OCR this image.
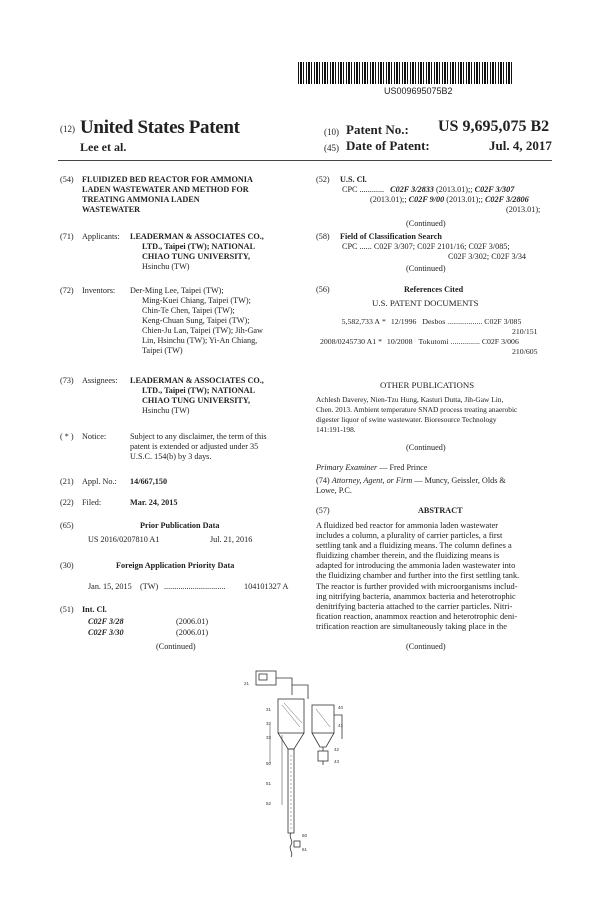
US009695075B2
(12) United States Patent
Lee et al.
(10) Patent No.: US 9,695,075 B2
(45) Date of Patent:	Jul. 4, 2017
(54) FLUIDIZED BED REACTOR FOR AMMONIA
LADEN WASTEWATER AND METHOD FOR
TREATING AMMONIA LADEN
WASTEWATER
(71) Applicants: LEADERMAN & ASSOCIATES CO.,
LTD., Taipei (TW); NATIONAL
CHIAO TUNG UNIVERSITY,
Hsinchu (TW)
(72) Inventors: Der-Ming Lee, Taipei (TW);
Ming-Kuei Chiang, Taipei (TW);
Chin-Te Chen, Taipei (TW);
Keng-Chuan Sung, Taipei (TW);
Chien-Ju Lan, Taipei (TW); Jih-Gaw
Lin, Hsinchu (TW); Yi-An Chiang,
Taipei (TW)
(73) Assignees: LEADERMAN & ASSOCIATES CO.,
LTD., Taipei (TW); NATIONAL
CHIAO TUNG UNIVERSITY,
Hsinchu (TW)
( * ) Notice:	Subject to any disclaimer, the term of this
patent is extended or adjusted under 35
U.S.C. 154(b) by 3 days.
(21) Appl. No.: 14/667,150
(22) Filed:	Mar. 24, 2015
(65)	Prior Publication Data
US 2016/0207810 A1	Jul. 21, 2016
(30)	Foreign Application Priority Data
Jan. 15, 2015 (TW) .............................. 104101327 A
(51) Int. Cl.
C02F 3/28	(2006.01)
C02F 3/30	(2006.01)
(Continued)
(52) U.S. Cl.
CPC ............ C02F 3/2833 (2013.01);; C02F 3/307
(2013.01);; C02F 9/00 (2013.01);; C02F 3/2806
(2013.01);
(Continued)
(58) Field of Classification Search
CPC ...... C02F 3/307; C02F 2101/16; C02F 3/085;
C02F 3/302; C02F 3/34
(Continued)
(56)	References Cited
U.S. PATENT DOCUMENTS
5,582,733 A * 12/1996 Desbos .................. C02F 3/085
210/151
2008/0245730 A1 * 10/2008 Tokutomi ............... C02F 3/006
210/605
OTHER PUBLICATIONS
Achlesh Daverey, Nien-Tzu Hung, Kasturi Dutta, Jih-Gaw Lin,
Chen. 2013. Ambient temperature SNAD process treating anaerobic
digester liquor of swine wastewater. Bioresource Technology
141:191-198.
(Continued)
Primary Examiner — Fred Prince
(74) Attorney, Agent, or Firm — Muncy, Geissler, Olds &
Lowe, P.C.
(57)	ABSTRACT
A fluidized bed reactor for ammonia laden wastewater
includes a column, a plurality of carrier particles, a first
settling tank and a fluidizing means. The column defines a
fluidizing chamber therein, and the fluidizing means is
adapted for introducing the ammonia laden wastewater into
the fluidizing chamber and further into the first settling tank.
The reactor is further provided with microorganisms includ-
ing nitrifying bacteria, anammox bacteria and heterotrophic
denitrifying bacteria attached to the carrier particles. Nitri-
fication reaction, anammox reaction and heterotrophic deni-
trification reaction are simultaneously taking place in the
(Continued)
21
31
32
33
40
41
42
43
50
51
52
60
61
